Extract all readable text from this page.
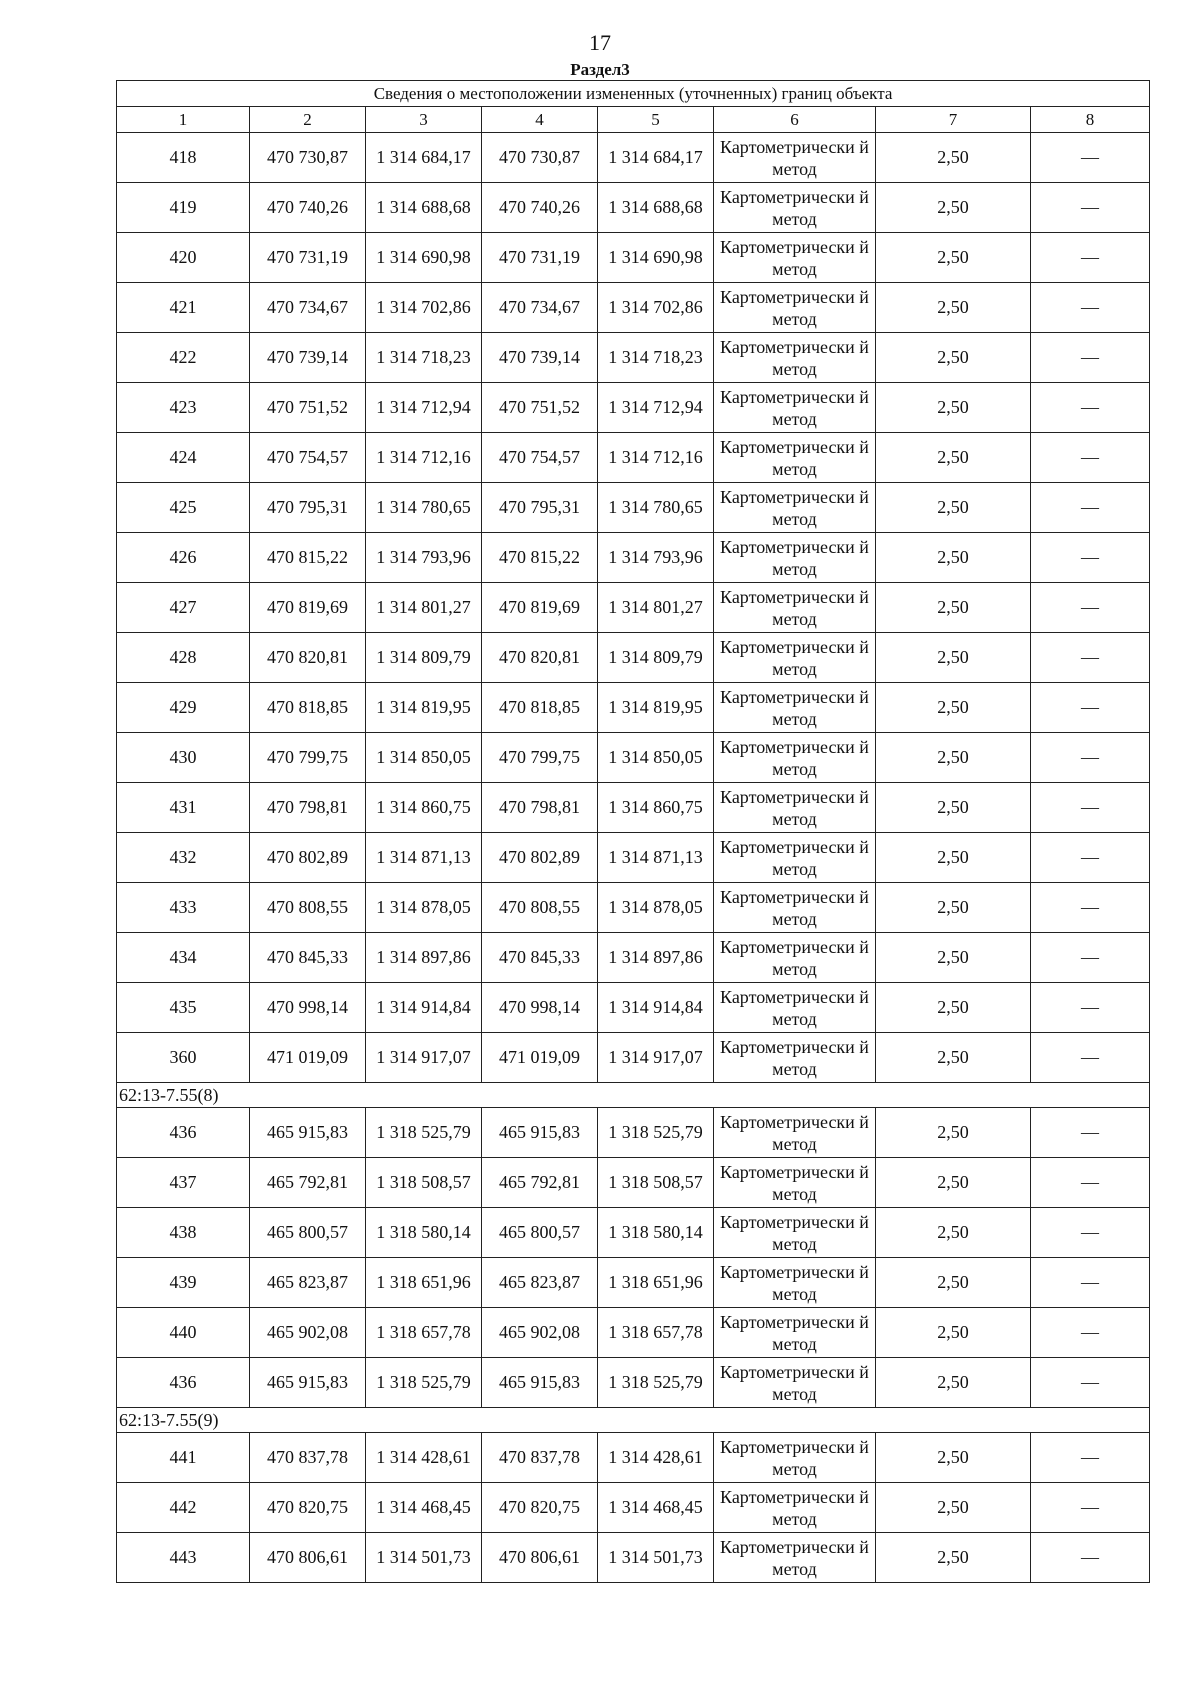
17
Раздел3
Сведения о местоположении измененных (уточненных) границ объекта							
1	2	3	4	5	6	7	8
418	470 730,87	1 314 684,17	470 730,87	1 314 684,17	Картометрически й метод	2,50	—
419	470 740,26	1 314 688,68	470 740,26	1 314 688,68	Картометрически й метод	2,50	—
420	470 731,19	1 314 690,98	470 731,19	1 314 690,98	Картометрически й метод	2,50	—
421	470 734,67	1 314 702,86	470 734,67	1 314 702,86	Картометрически й метод	2,50	—
422	470 739,14	1 314 718,23	470 739,14	1 314 718,23	Картометрически й метод	2,50	—
423	470 751,52	1 314 712,94	470 751,52	1 314 712,94	Картометрически й метод	2,50	—
424	470 754,57	1 314 712,16	470 754,57	1 314 712,16	Картометрически й метод	2,50	—
425	470 795,31	1 314 780,65	470 795,31	1 314 780,65	Картометрически й метод	2,50	—
426	470 815,22	1 314 793,96	470 815,22	1 314 793,96	Картометрически й метод	2,50	—
427	470 819,69	1 314 801,27	470 819,69	1 314 801,27	Картометрически й метод	2,50	—
428	470 820,81	1 314 809,79	470 820,81	1 314 809,79	Картометрически й метод	2,50	—
429	470 818,85	1 314 819,95	470 818,85	1 314 819,95	Картометрически й метод	2,50	—
430	470 799,75	1 314 850,05	470 799,75	1 314 850,05	Картометрически й метод	2,50	—
431	470 798,81	1 314 860,75	470 798,81	1 314 860,75	Картометрически й метод	2,50	—
432	470 802,89	1 314 871,13	470 802,89	1 314 871,13	Картометрически й метод	2,50	—
433	470 808,55	1 314 878,05	470 808,55	1 314 878,05	Картометрически й метод	2,50	—
434	470 845,33	1 314 897,86	470 845,33	1 314 897,86	Картометрически й метод	2,50	—
435	470 998,14	1 314 914,84	470 998,14	1 314 914,84	Картометрически й метод	2,50	—
360	471 019,09	1 314 917,07	471 019,09	1 314 917,07	Картометрически й метод	2,50	—
62:13-7.55(8)							
436	465 915,83	1 318 525,79	465 915,83	1 318 525,79	Картометрически й метод	2,50	—
437	465 792,81	1 318 508,57	465 792,81	1 318 508,57	Картометрически й метод	2,50	—
438	465 800,57	1 318 580,14	465 800,57	1 318 580,14	Картометрически й метод	2,50	—
439	465 823,87	1 318 651,96	465 823,87	1 318 651,96	Картометрически й метод	2,50	—
440	465 902,08	1 318 657,78	465 902,08	1 318 657,78	Картометрически й метод	2,50	—
436	465 915,83	1 318 525,79	465 915,83	1 318 525,79	Картометрически й метод	2,50	—
62:13-7.55(9)							
441	470 837,78	1 314 428,61	470 837,78	1 314 428,61	Картометрически й метод	2,50	—
442	470 820,75	1 314 468,45	470 820,75	1 314 468,45	Картометрически й метод	2,50	—
443	470 806,61	1 314 501,73	470 806,61	1 314 501,73	Картометрически й метод	2,50	—
